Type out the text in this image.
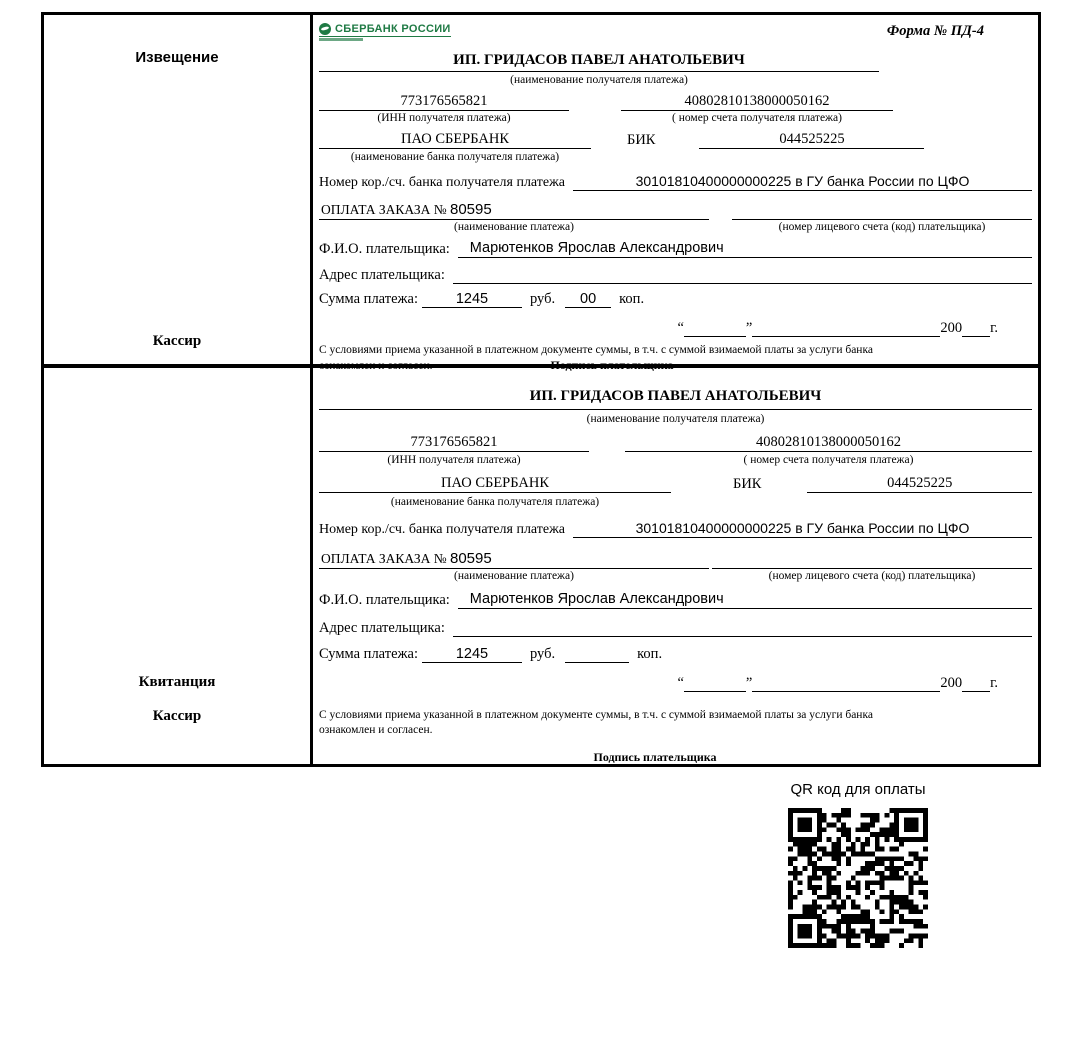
Извещение
Кассир
СБЕРБАНК РОССИИ	Форма № ПД-4
ИП. ГРИДАСОВ ПАВЕЛ АНАТОЛЬЕВИЧ
(наименование получателя платежа)
773176565821	40802810138000050162
(ИНН получателя платежа)	( номер счета получателя платежа)
ПАО СБЕРБАНК	БИК	044525225
(наименование банка получателя платежа)
Номер кор./сч. банка получателя платежа	30101810400000000225 в ГУ банка России по ЦФО
ОПЛАТА ЗАКАЗА № 80595
(наименование платежа)	(номер лицевого счета (код) плательщика)
Ф.И.О. плательщика:	Марютенков Ярослав Александрович
Адрес плательщика:
Сумма платежа:	1245	руб.	00	коп.
“	”	200 г.
С условиями приема указанной в платежном документе суммы, в т.ч. с суммой взимаемой платы за услуги банка
ознакомлен и согласен.	Подпись плательщика
Квитанция
Кассир
ИП. ГРИДАСОВ ПАВЕЛ АНАТОЛЬЕВИЧ
(наименование получателя платежа)
773176565821	40802810138000050162
(ИНН получателя платежа)	( номер счета получателя платежа)
ПАО СБЕРБАНК	БИК	044525225
(наименование банка получателя платежа)
Номер кор./сч. банка получателя платежа	30101810400000000225 в ГУ банка России по ЦФО
ОПЛАТА ЗАКАЗА № 80595
(наименование платежа)	(номер лицевого счета (код) плательщика)
Ф.И.О. плательщика:	Марютенков Ярослав Александрович
Адрес плательщика:
Сумма платежа:	1245	руб.	коп.
“	”	200 г.
С условиями приема указанной в платежном документе суммы, в т.ч. с суммой взимаемой платы за услуги банка
ознакомлен и согласен.
Подпись плательщика
QR код для оплаты
